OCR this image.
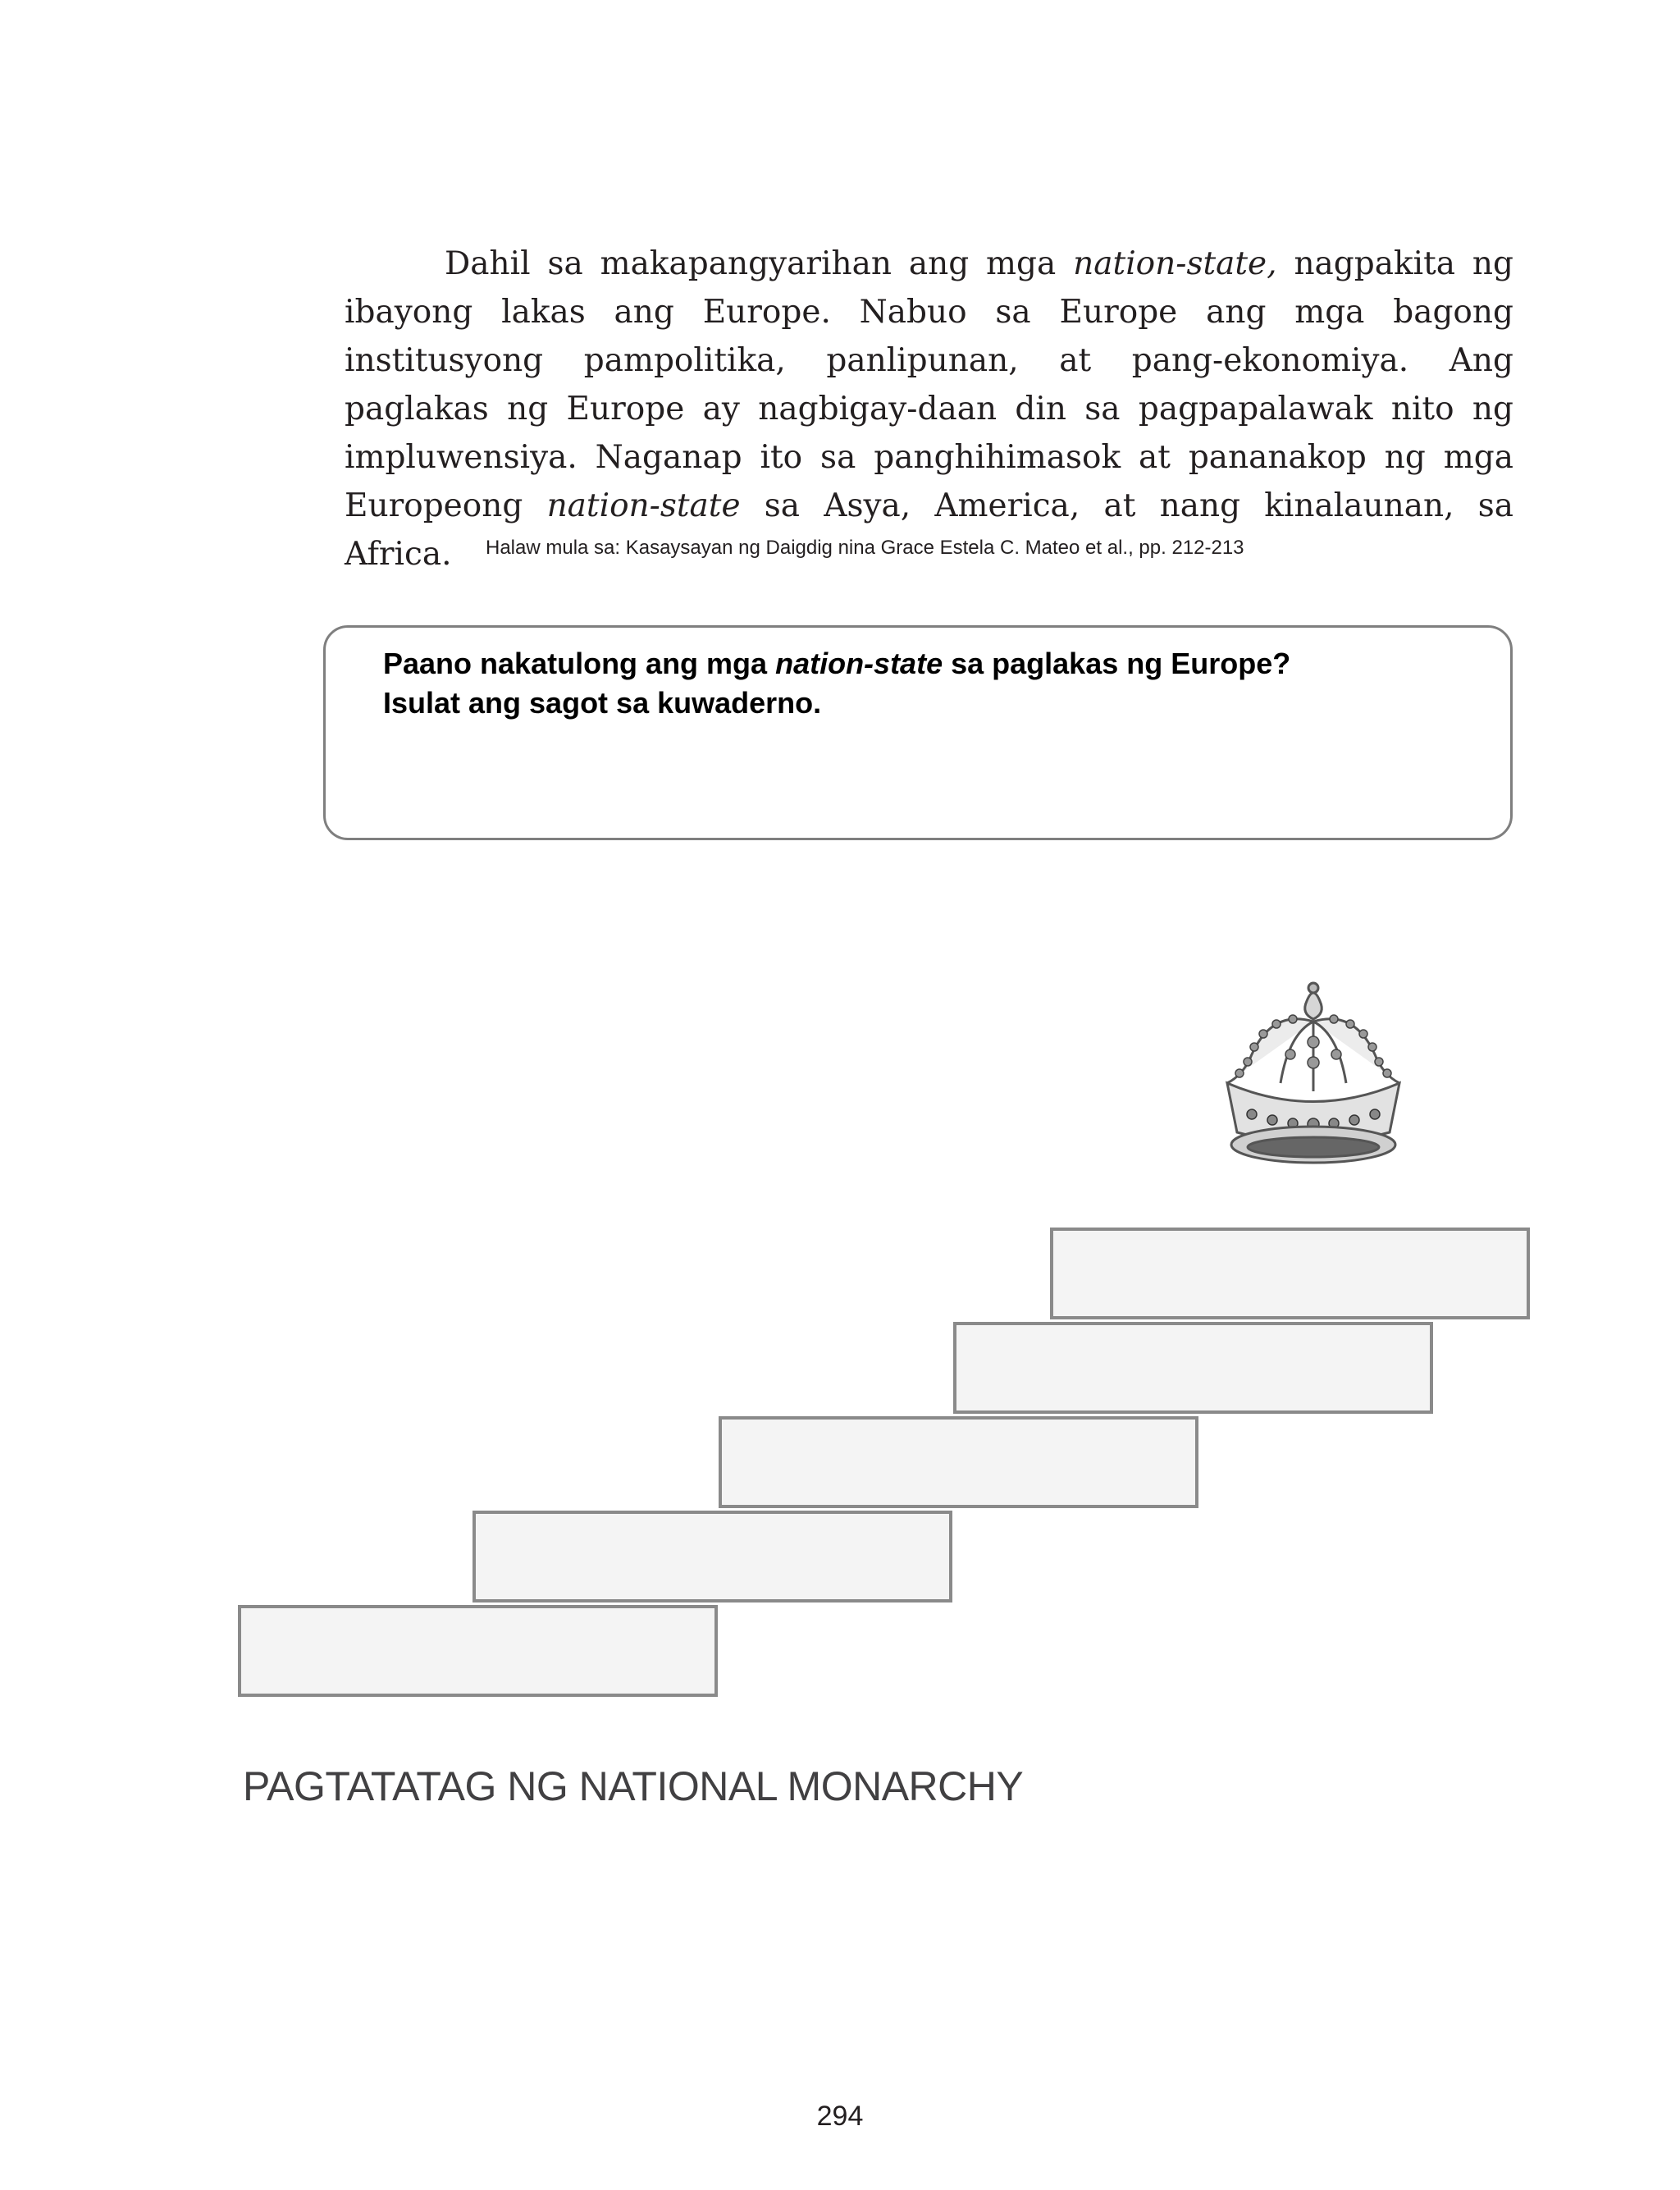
Dahil sa makapangyarihan ang mga nation-state, nagpakita ng ibayong lakas ang Europe. Nabuo sa Europe ang mga bagong institusyong pampolitika, panlipunan, at pang-ekonomiya. Ang paglakas ng Europe ay nagbigay-daan din sa pagpapalawak nito ng impluwensiya. Naganap ito sa panghihimasok at pananakop ng mga Europeong nation-state sa Asya, America, at nang kinalaunan, sa Africa.	Halaw mula sa: Kasaysayan ng Daigdig nina Grace Estela C. Mateo et al., pp. 212-213

Paano nakatulong ang mga nation-state sa paglakas ng Europe?
Isulat ang sagot sa kuwaderno.

PAGTATATAG NG NATIONAL MONARCHY

294
